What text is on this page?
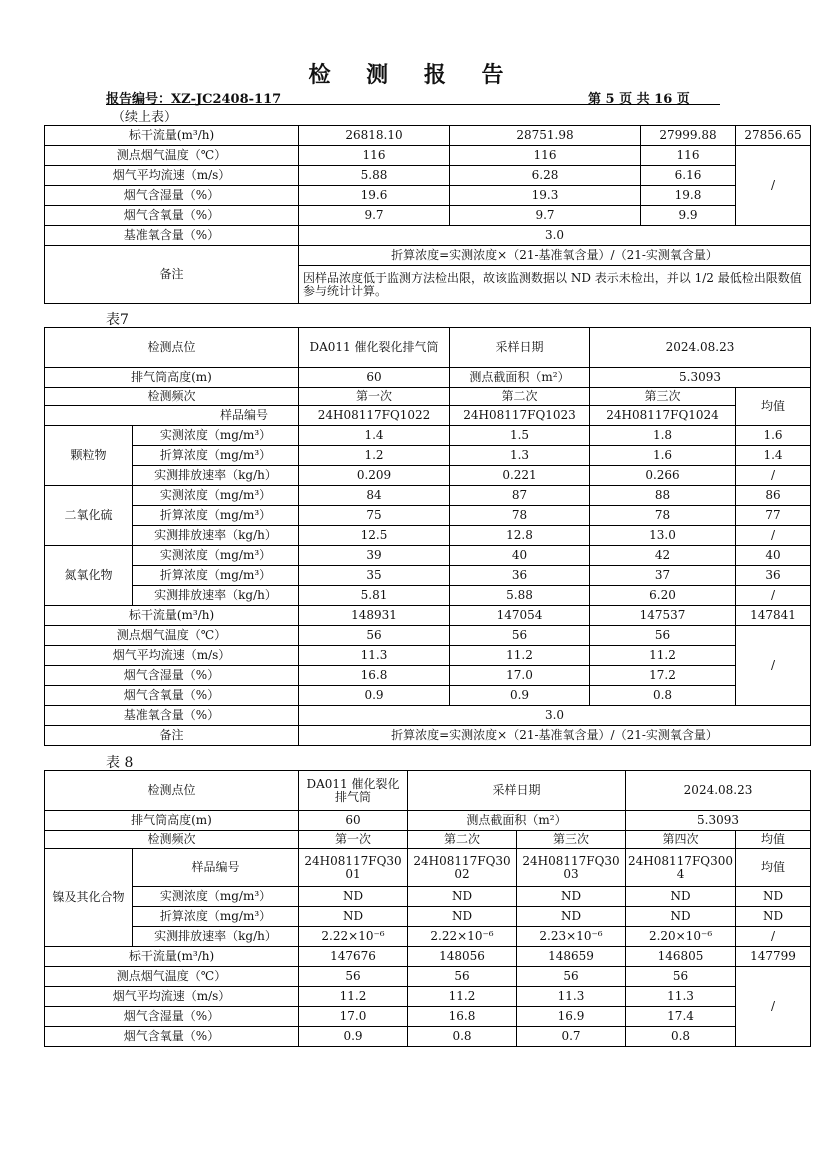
检 测 报 告
报告编号：XZ-JC2408-117	第 5 页 共 16 页
（续上表）
标干流量(m³/h)	26818.10	28751.98	27999.88	27856.65
测点烟气温度（℃）	116	116	116	/
烟气平均流速（m/s）	5.88	6.28	6.16	
烟气含湿量（%）	19.6	19.3	19.8	
烟气含氧量（%）	9.7	9.7	9.9	
基准氧含量（%）	3.0			
备注	折算浓度=实测浓度×（21-基准氧含量）/（21-实测氧含量）			
	因样品浓度低于监测方法检出限，故该监测数据以 ND 表示未检出，并以 1/2 最低检出限数值参与统计计算。			
表7
检测点位		DA011 催化裂化排气筒	采样日期	2024.08.23	
排气筒高度(m)		60	测点截面积（m²）	5.3093	
检测频次		第一次	第二次	第三次	均值
样品编号		24H08117FQ1022	24H08117FQ1023	24H08117FQ1024	
颗粒物	实测浓度（mg/m³）	1.4	1.5	1.8	1.6
	折算浓度（mg/m³）	1.2	1.3	1.6	1.4
	实测排放速率（kg/h）	0.209	0.221	0.266	/
二氧化硫	实测浓度（mg/m³）	84	87	88	86
	折算浓度（mg/m³）	75	78	78	77
	实测排放速率（kg/h）	12.5	12.8	13.0	/
氮氧化物	实测浓度（mg/m³）	39	40	42	40
	折算浓度（mg/m³）	35	36	37	36
	实测排放速率（kg/h）	5.81	5.88	6.20	/
标干流量(m³/h)		148931	147054	147537	147841
测点烟气温度（℃）		56	56	56	/
烟气平均流速（m/s）		11.3	11.2	11.2	
烟气含湿量（%）		16.8	17.0	17.2	
烟气含氧量（%）		0.9	0.9	0.8	
基准氧含量（%）		3.0			
备注		折算浓度=实测浓度×（21-基准氧含量）/（21-实测氧含量）			
表 8
检测点位		DA011 催化裂化排气筒	采样日期		2024.08.23	
排气筒高度(m)		60	测点截面积（m²）		5.3093	
检测频次		第一次	第二次	第三次	第四次	均值
镍及其化合物	样品编号	24H08117FQ3001	24H08117FQ3002	24H08117FQ3003	24H08117FQ3004	均值
	实测浓度（mg/m³）	ND	ND	ND	ND	ND
	折算浓度（mg/m³）	ND	ND	ND	ND	ND
	实测排放速率（kg/h）	2.22×10⁻⁶	2.22×10⁻⁶	2.23×10⁻⁶	2.20×10⁻⁶	/
标干流量(m³/h)		147676	148056	148659	146805	147799
测点烟气温度（℃）		56	56	56	56	/
烟气平均流速（m/s）		11.2	11.2	11.3	11.3	
烟气含湿量（%）		17.0	16.8	16.9	17.4	
烟气含氧量（%）		0.9	0.8	0.7	0.8	
